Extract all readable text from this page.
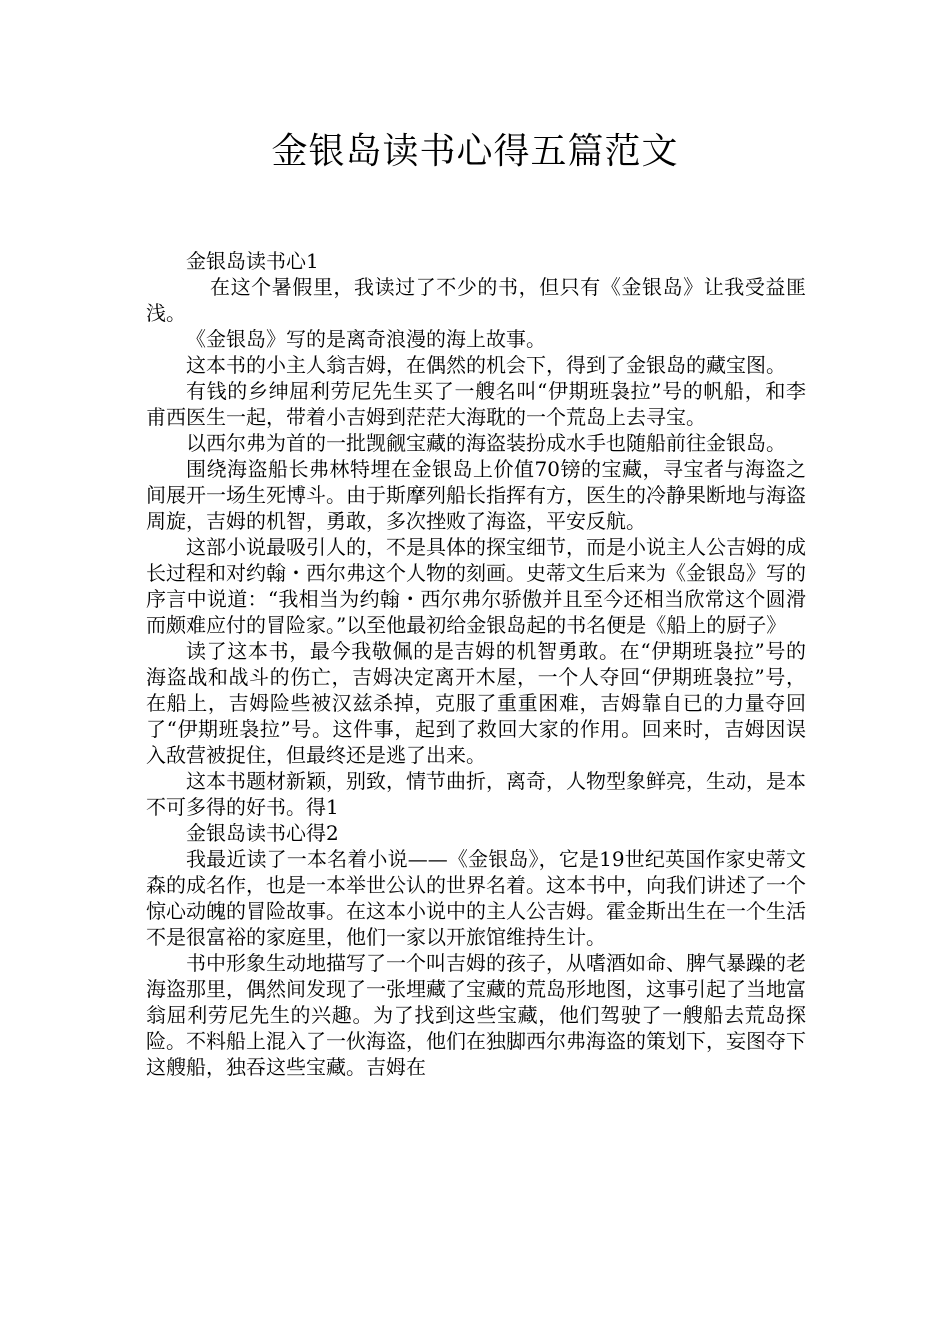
金银岛读书心得五篇范文

金银岛读书心1

在这个暑假里，我读过了不少的书，但只有《金银岛》让我受益匪浅。

《金银岛》写的是离奇浪漫的海上故事。

这本书的小主人翁吉姆，在偶然的机会下，得到了金银岛的藏宝图。

有钱的乡绅屈利劳尼先生买了一艘名叫“伊期班袅拉”号的帆船，和李甫西医生一起，带着小吉姆到茫茫大海耽的一个荒岛上去寻宝。

以西尔弗为首的一批觊觎宝藏的海盗装扮成水手也随船前往金银岛。

围绕海盗船长弗林特埋在金银岛上价值70镑的宝藏，寻宝者与海盗之间展开一场生死博斗。由于斯摩列船长指挥有方，医生的冷静果断地与海盗周旋，吉姆的机智，勇敢，多次挫败了海盗，平安反航。

这部小说最吸引人的，不是具体的探宝细节，而是小说主人公吉姆的成长过程和对约翰・西尔弗这个人物的刻画。史蒂文生后来为《金银岛》写的序言中说道：“我相当为约翰・西尔弗尔骄傲并且至今还相当欣常这个圆滑而颇难应付的冒险家。”以至他最初给金银岛起的书名便是《船上的厨子》

读了这本书，最今我敬佩的是吉姆的机智勇敢。在“伊期班袅拉”号的海盗战和战斗的伤亡，吉姆决定离开木屋，一个人夺回“伊期班袅拉”号，在船上，吉姆险些被汉兹杀掉，克服了重重困难，吉姆靠自已的力量夺回了“伊期班袅拉”号。这件事，起到了救回大家的作用。回来时，吉姆因误入敌营被捉住，但最终还是逃了出来。

这本书题材新颖，别致，情节曲折，离奇，人物型象鲜亮，生动，是本不可多得的好书。得1

金银岛读书心得2

我最近读了一本名着小说——《金银岛》，它是19世纪英国作家史蒂文森的成名作，也是一本举世公认的世界名着。这本书中，向我们讲述了一个惊心动魄的冒险故事。在这本小说中的主人公吉姆。霍金斯出生在一个生活不是很富裕的家庭里，他们一家以开旅馆维持生计。

书中形象生动地描写了一个叫吉姆的孩子，从嗜酒如命、脾气暴躁的老海盗那里，偶然间发现了一张埋藏了宝藏的荒岛形地图，这事引起了当地富翁屈利劳尼先生的兴趣。为了找到这些宝藏，他们驾驶了一艘船去荒岛探险。不料船上混入了一伙海盗，他们在独脚西尔弗海盗的策划下，妄图夺下这艘船，独吞这些宝藏。吉姆在
